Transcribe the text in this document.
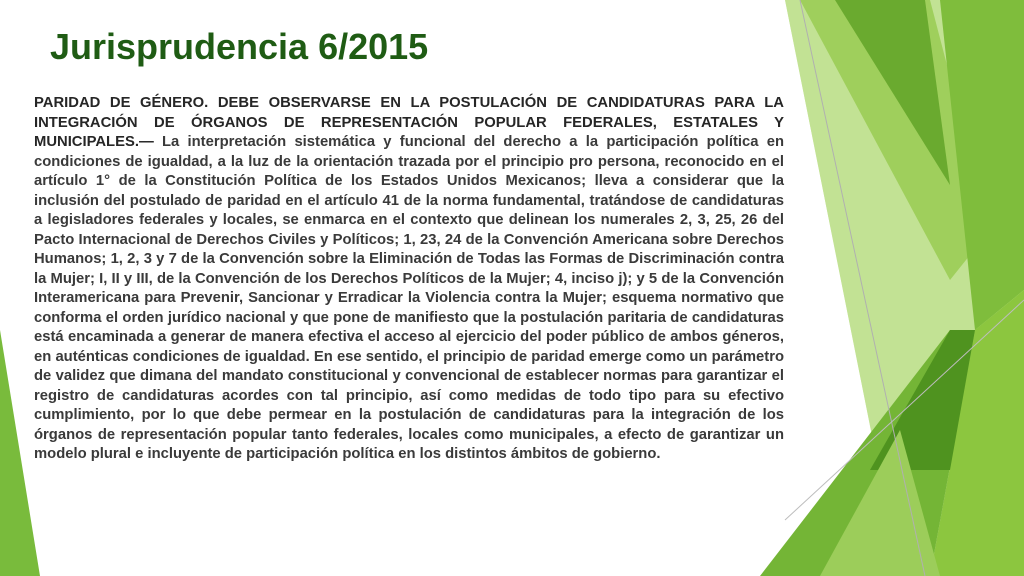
Jurisprudencia 6/2015

PARIDAD DE GÉNERO. DEBE OBSERVARSE EN LA POSTULACIÓN DE CANDIDATURAS PARA LA INTEGRACIÓN DE ÓRGANOS DE REPRESENTACIÓN POPULAR FEDERALES, ESTATALES Y MUNICIPALES.— La interpretación sistemática y funcional del derecho a la participación política en condiciones de igualdad, a la luz de la orientación trazada por el principio pro persona, reconocido en el artículo 1° de la Constitución Política de los Estados Unidos Mexicanos; lleva a considerar que la inclusión del postulado de paridad en el artículo 41 de la norma fundamental, tratándose de candidaturas a legisladores federales y locales, se enmarca en el contexto que delinean los numerales 2, 3, 25, 26 del Pacto Internacional de Derechos Civiles y Políticos; 1, 23, 24 de la Convención Americana sobre Derechos Humanos; 1, 2, 3 y 7 de la Convención sobre la Eliminación de Todas las Formas de Discriminación contra la Mujer; I, II y III, de la Convención de los Derechos Políticos de la Mujer; 4, inciso j); y 5 de la Convención Interamericana para Prevenir, Sancionar y Erradicar la Violencia contra la Mujer; esquema normativo que conforma el orden jurídico nacional y que pone de manifiesto que la postulación paritaria de candidaturas está encaminada a generar de manera efectiva el acceso al ejercicio del poder público de ambos géneros, en auténticas condiciones de igualdad. En ese sentido, el principio de paridad emerge como un parámetro de validez que dimana del mandato constitucional y convencional de establecer normas para garantizar el registro de candidaturas acordes con tal principio, así como medidas de todo tipo para su efectivo cumplimiento, por lo que debe permear en la postulación de candidaturas para la integración de los órganos de representación popular tanto federales, locales como municipales, a efecto de garantizar un modelo plural e incluyente de participación política en los distintos ámbitos de gobierno.
